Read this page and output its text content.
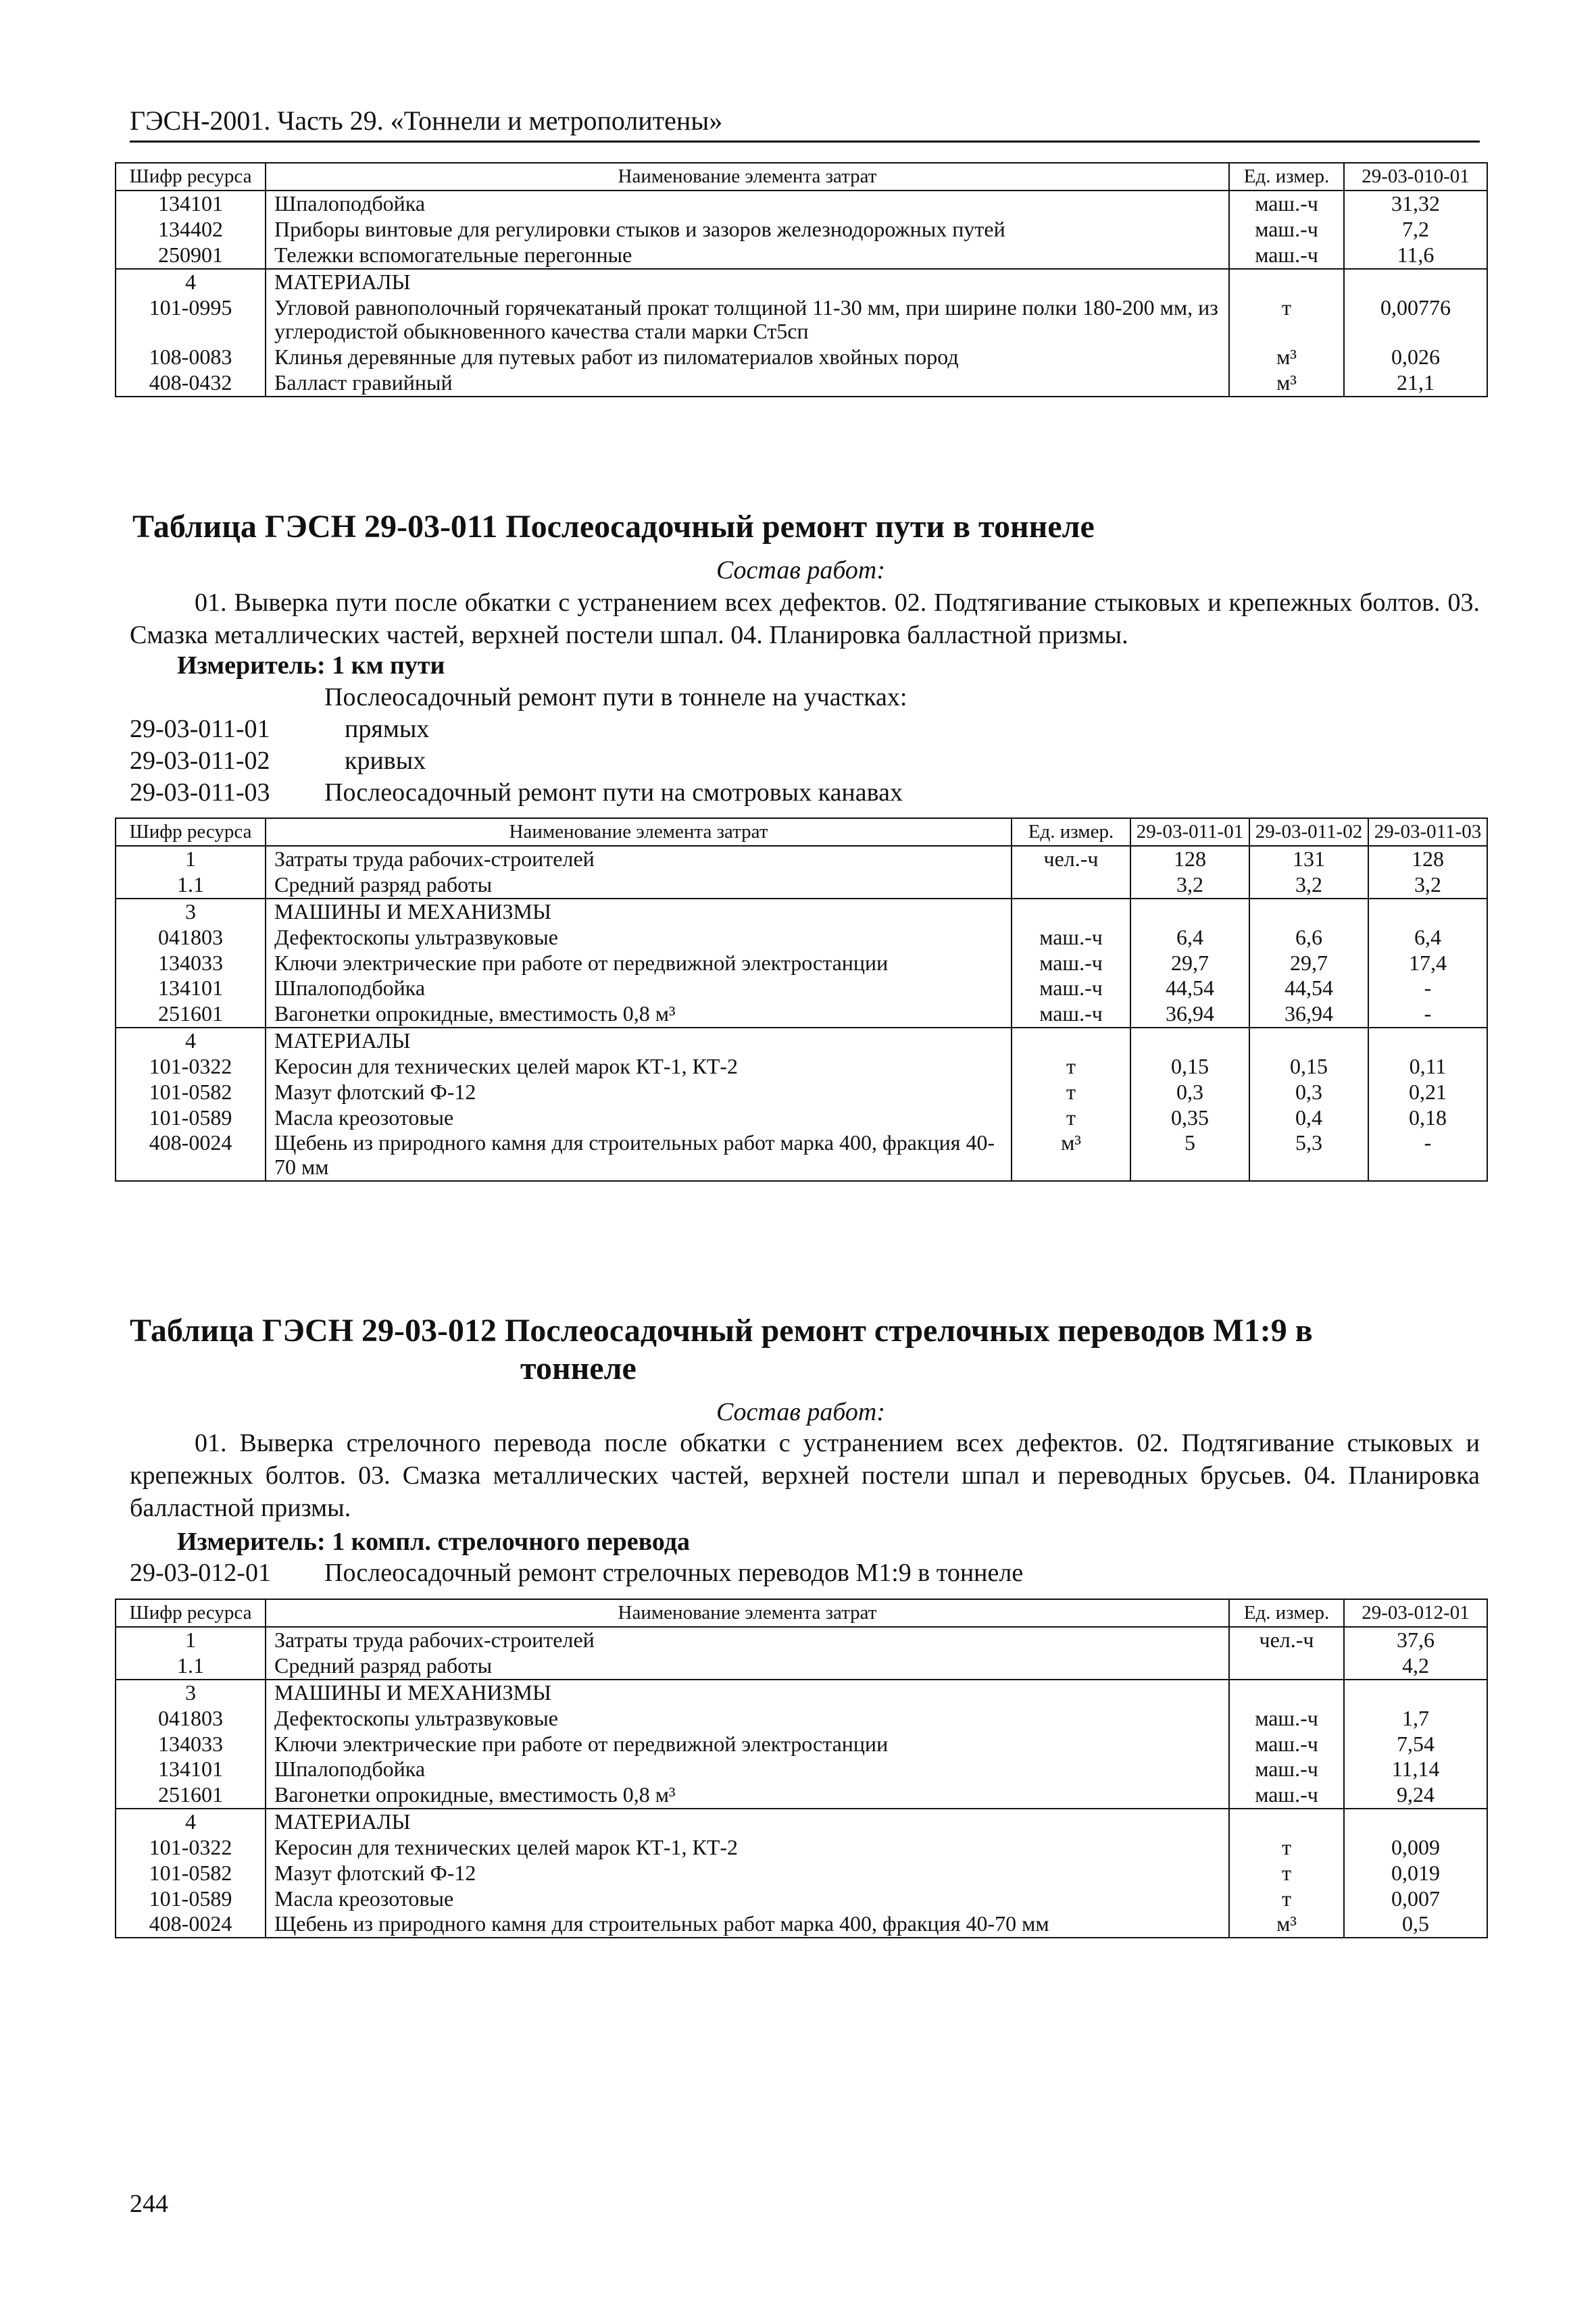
ГЭСН-2001. Часть 29. «Тоннели и метрополитены»
Шифр ресурса	Наименование элемента затрат	Ед. измер.	29-03-010-01
134101	Шпалоподбойка	маш.-ч	31,32
134402	Приборы винтовые для регулировки стыков и зазоров железнодорожных путей	маш.-ч	7,2
250901	Тележки вспомогательные перегонные	маш.-ч	11,6
4	МАТЕРИАЛЫ		
101-0995	Угловой равнополочный горячекатаный прокат толщиной 11-30 мм, при ширине полки 180-200 мм, из углеродистой обыкновенного качества стали марки Ст5сп	т	0,00776
108-0083	Клинья деревянные для путевых работ из пиломатериалов хвойных пород	м³	0,026
408-0432	Балласт гравийный	м³	21,1
Таблица ГЭСН 29-03-011 Послеосадочный ремонт пути в тоннеле
Состав работ:
01. Выверка пути после обкатки с устранением всех дефектов. 02. Подтягивание стыковых и крепежных болтов. 03. Смазка металлических частей, верхней постели шпал. 04. Планировка балластной призмы.
Измеритель: 1 км пути
Послеосадочный ремонт пути в тоннеле на участках:
29-03-011-01	прямых
29-03-011-02	кривых
29-03-011-03 Послеосадочный ремонт пути на смотровых канавах
Шифр ресурса	Наименование элемента затрат	Ед. измер.	29-03-011-01	29-03-011-02	29-03-011-03
1	Затраты труда рабочих-строителей	чел.-ч	128	131	128
1.1	Средний разряд работы		3,2	3,2	3,2
3	МАШИНЫ И МЕХАНИЗМЫ				
041803	Дефектоскопы ультразвуковые	маш.-ч	6,4	6,6	6,4
134033	Ключи электрические при работе от передвижной электростанции	маш.-ч	29,7	29,7	17,4
134101	Шпалоподбойка	маш.-ч	44,54	44,54	-
251601	Вагонетки опрокидные, вместимость 0,8 м³	маш.-ч	36,94	36,94	-
4	МАТЕРИАЛЫ				
101-0322	Керосин для технических целей марок КТ-1, КТ-2	т	0,15	0,15	0,11
101-0582	Мазут флотский Ф-12	т	0,3	0,3	0,21
101-0589	Масла креозотовые	т	0,35	0,4	0,18
408-0024	Щебень из природного камня для строительных работ марка 400, фракция 40-70 мм	м³	5	5,3	-
Таблица ГЭСН 29-03-012 Послеосадочный ремонт стрелочных переводов М1:9 в
тоннеле
Состав работ:
01. Выверка стрелочного перевода после обкатки с устранением всех дефектов. 02. Подтягивание стыковых и крепежных болтов. 03. Смазка металлических частей, верхней постели шпал и переводных брусьев. 04. Планировка балластной призмы.
Измеритель: 1 компл. стрелочного перевода
29-03-012-01 Послеосадочный ремонт стрелочных переводов М1:9 в тоннеле
Шифр ресурса	Наименование элемента затрат	Ед. измер.	29-03-012-01
1	Затраты труда рабочих-строителей	чел.-ч	37,6
1.1	Средний разряд работы		4,2
3	МАШИНЫ И МЕХАНИЗМЫ		
041803	Дефектоскопы ультразвуковые	маш.-ч	1,7
134033	Ключи электрические при работе от передвижной электростанции	маш.-ч	7,54
134101	Шпалоподбойка	маш.-ч	11,14
251601	Вагонетки опрокидные, вместимость 0,8 м³	маш.-ч	9,24
4	МАТЕРИАЛЫ		
101-0322	Керосин для технических целей марок КТ-1, КТ-2	т	0,009
101-0582	Мазут флотский Ф-12	т	0,019
101-0589	Масла креозотовые	т	0,007
408-0024	Щебень из природного камня для строительных работ марка 400, фракция 40-70 мм	м³	0,5
244
